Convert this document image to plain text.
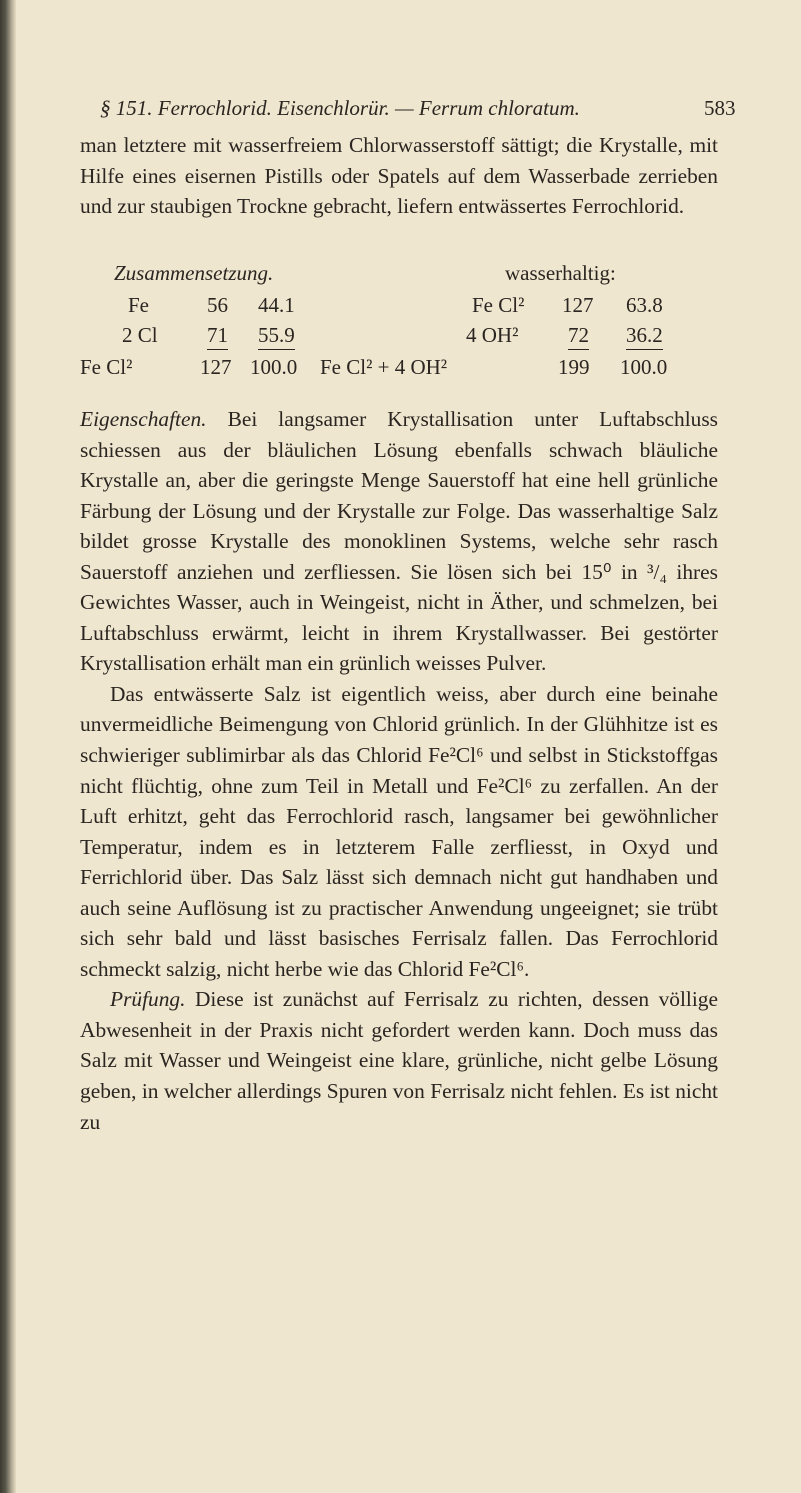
§ 151. Ferrochlorid. Eisenchlorür. — Ferrum chloratum.	583

man letztere mit wasserfreiem Chlorwasserstoff sättigt; die Krystalle, mit Hilfe eines eisernen Pistills oder Spatels auf dem Wasserbade zerrieben und zur staubigen Trockne gebracht, liefern entwässertes Ferrochlorid.

Zusammensetzung.	wasserhaltig:
Fe	56 44.1	Fe Cl² 127 63.8
2 Cl 71 55.9	4 OH² 72 36.2
Fe Cl²	127 100.0 Fe Cl² + 4 OH²	199 100.0

Eigenschaften. Bei langsamer Krystallisation unter Luftabschluss schiessen aus der bläulichen Lösung ebenfalls schwach bläuliche Krystalle an, aber die geringste Menge Sauerstoff hat eine hell grünliche Färbung der Lösung und der Krystalle zur Folge. Das wasserhaltige Salz bildet grosse Krystalle des monoklinen Systems, welche sehr rasch Sauerstoff anziehen und zerfliessen. Sie lösen sich bei 15⁰ in ³/₄ ihres Gewichtes Wasser, auch in Weingeist, nicht in Äther, und schmelzen, bei Luftabschluss erwärmt, leicht in ihrem Krystallwasser. Bei gestörter Krystallisation erhält man ein grünlich weisses Pulver.

Das entwässerte Salz ist eigentlich weiss, aber durch eine beinahe unvermeidliche Beimengung von Chlorid grünlich. In der Glühhitze ist es schwieriger sublimirbar als das Chlorid Fe²Cl⁶ und selbst in Stickstoffgas nicht flüchtig, ohne zum Teil in Metall und Fe²Cl⁶ zu zerfallen. An der Luft erhitzt, geht das Ferrochlorid rasch, langsamer bei gewöhnlicher Temperatur, indem es in letzterem Falle zerfliesst, in Oxyd und Ferrichlorid über. Das Salz lässt sich demnach nicht gut handhaben und auch seine Auflösung ist zu practischer Anwendung ungeeignet; sie trübt sich sehr bald und lässt basisches Ferrisalz fallen. Das Ferrochlorid schmeckt salzig, nicht herbe wie das Chlorid Fe²Cl⁶.

Prüfung. Diese ist zunächst auf Ferrisalz zu richten, dessen völlige Abwesenheit in der Praxis nicht gefordert werden kann. Doch muss das Salz mit Wasser und Weingeist eine klare, grünliche, nicht gelbe Lösung geben, in welcher allerdings Spuren von Ferrisalz nicht fehlen. Es ist nicht zu
